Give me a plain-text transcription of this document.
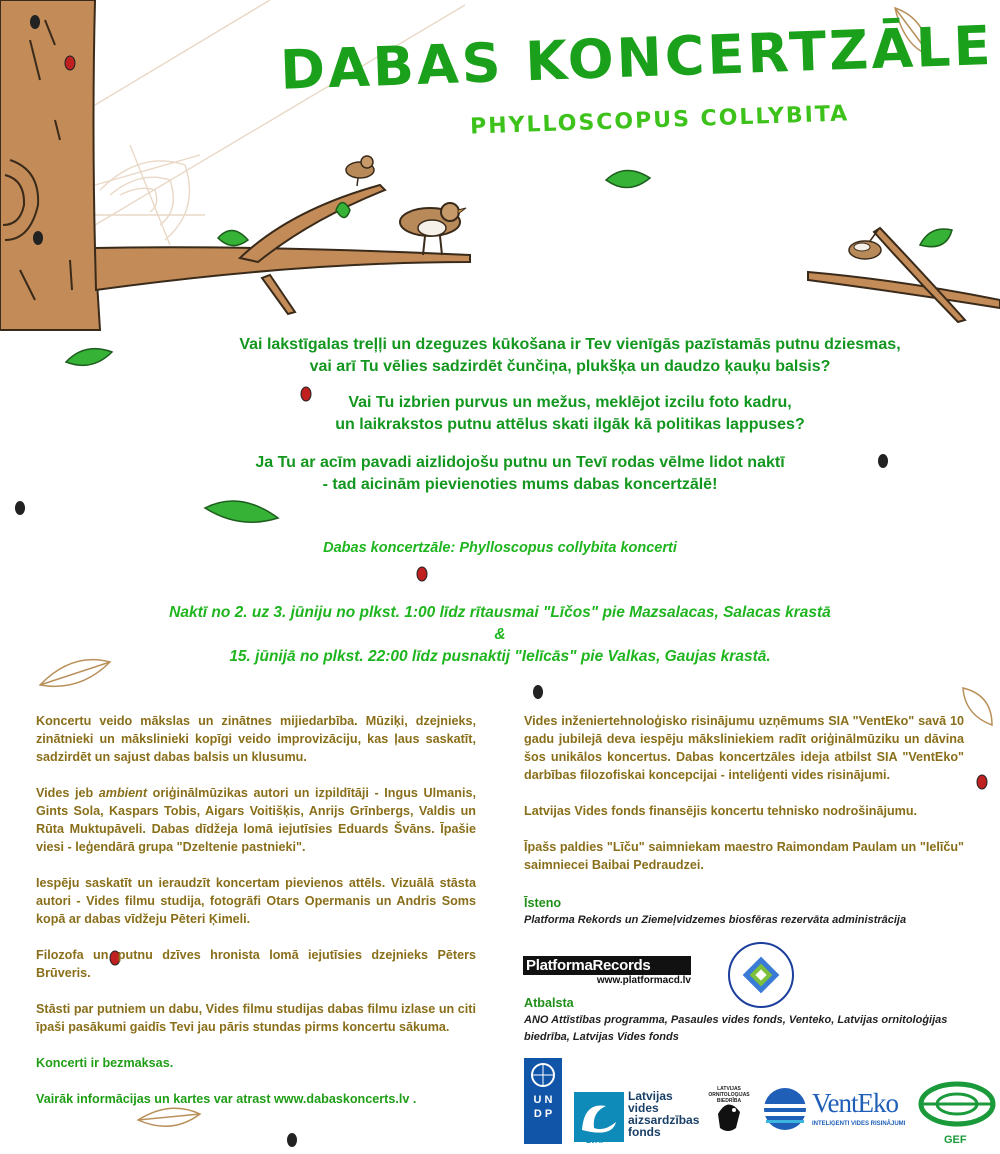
DABAS KONCERTZĀLE
PHYLLOSCOPUS COLLYBITA
Vai lakstīgalas treļļi un dzeguzes kūkošana ir Tev vienīgās pazīstamās putnu dziesmas,
vai arī Tu vēlies sadzirdēt čunčiņa, plukšķa un daudzo ķauķu balsis?
Vai Tu izbrien purvus un mežus, meklējot izcilu foto kadru,
un laikrakstos putnu attēlus skati ilgāk kā politikas lappuses?
Ja Tu ar acīm pavadi aizlidojošu putnu un Tevī rodas vēlme lidot naktī
- tad aicinām pievienoties mums dabas koncertzālē!
Dabas koncertzāle: Phylloscopus collybita koncerti
Naktī no 2. uz 3. jūniju no plkst. 1:00 līdz rītausmai "Līčos" pie Mazsalacas, Salacas krastā
&
15. jūnijā no plkst. 22:00 līdz pusnaktij "Ielīcās" pie Valkas, Gaujas krastā.

Koncertu veido mākslas un zinātnes mijiedarbība. Mūziķi, dzejnieks, zinātnieki un mākslinieki kopīgi veido improvizāciju, kas ļaus saskatīt, sadzirdēt un sajust dabas balsis un klusumu.

Vides jeb ambient oriģinālmūzikas autori un izpildītāji - Ingus Ulmanis, Gints Sola, Kaspars Tobis, Aigars Voitišķis, Anrijs Grīnbergs, Valdis un Rūta Muktupāveli. Dabas dīdžeja lomā iejutīsies Eduards Švāns. Īpašie viesi - leģendārā grupa "Dzeltenie pastnieki".

Iespēju saskatīt un ieraudzīt koncertam pievienos attēls. Vizuālā stāsta autori - Vides filmu studija, fotogrāfi Otars Opermanis un Andris Soms kopā ar dabas vīdžeju Pēteri Ķimeli.

Filozofa un putnu dzīves hronista lomā iejutīsies dzejnieks Pēters Brūveris.

Stāsti par putniem un dabu, Vides filmu studijas dabas filmu izlase un citi īpaši pasākumi gaidīs Tevi jau pāris stundas pirms koncertu sākuma.

Koncerti ir bezmaksas.

Vairāk informācijas un kartes var atrast www.dabaskoncerts.lv .

Vides inženiertehnoloģisko risinājumu uzņēmums SIA "VentEko" savā 10 gadu jubilejā deva iespēju māksliniekiem radīt oriģinālmūziku un dāvina šos unikālos koncertus. Dabas koncertzāles ideja atbilst SIA "VentEko" darbības filozofiskai koncepcijai - inteliģenti vides risinājumi.

Latvijas Vides fonds finansējis koncertu tehnisko nodrošinājumu.

Īpašs paldies "Līču" saimniekam maestro Raimondam Paulam un "Ielīču" saimniecei Baibai Pedraudzei.

Īsteno
Platforma Rekords un Ziemeļvidzemes biosfēras rezervāta administrācija
PlatformaRecords
www.platformacd.lv
Atbalsta
ANO Attīstības programma, Pasaules vides fonds, Venteko, Latvijas ornitoloģijas biedrība, Latvijas Vides fonds
U N D P
Latvia
Latvijas
vides
aizsardzības
fonds
LVAF
LATVIJAS ORNITOLOĢIJAS BIEDRĪBA	VentEko
INTELIĢENTI VIDES RISINĀJUMI
GEF
